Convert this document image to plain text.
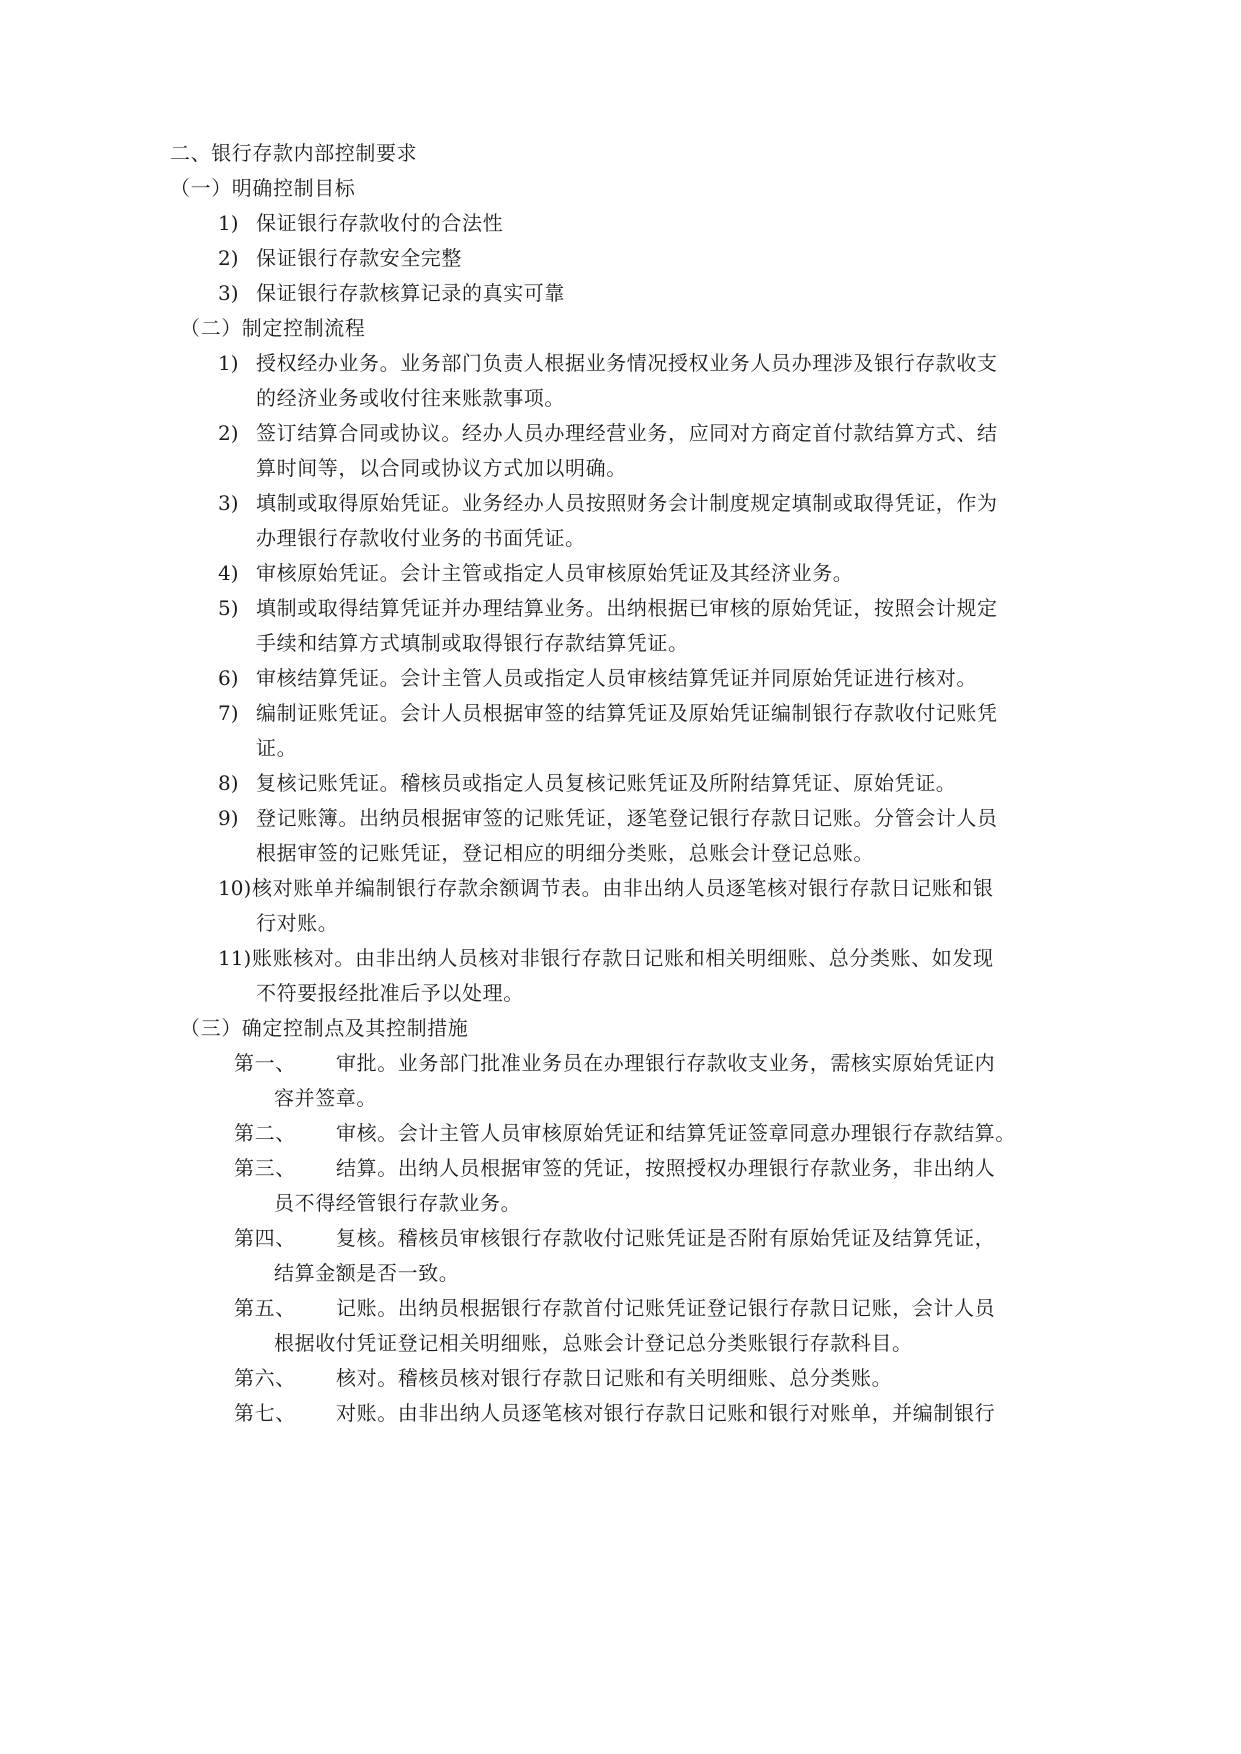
二、银行存款内部控制要求
（一）明确控制目标
1) 保证银行存款收付的合法性
2) 保证银行存款安全完整
3) 保证银行存款核算记录的真实可靠
（二）制定控制流程
1) 授权经办业务。业务部门负责人根据业务情况授权业务人员办理涉及银行存款收支
的经济业务或收付往来账款事项。
2) 签订结算合同或协议。经办人员办理经营业务，应同对方商定首付款结算方式、结
算时间等，以合同或协议方式加以明确。
3) 填制或取得原始凭证。业务经办人员按照财务会计制度规定填制或取得凭证，作为
办理银行存款收付业务的书面凭证。
4) 审核原始凭证。会计主管或指定人员审核原始凭证及其经济业务。
5) 填制或取得结算凭证并办理结算业务。出纳根据已审核的原始凭证，按照会计规定
手续和结算方式填制或取得银行存款结算凭证。
6) 审核结算凭证。会计主管人员或指定人员审核结算凭证并同原始凭证进行核对。
7) 编制证账凭证。会计人员根据审签的结算凭证及原始凭证编制银行存款收付记账凭
证。
8) 复核记账凭证。稽核员或指定人员复核记账凭证及所附结算凭证、原始凭证。
9) 登记账簿。出纳员根据审签的记账凭证，逐笔登记银行存款日记账。分管会计人员
根据审签的记账凭证，登记相应的明细分类账，总账会计登记总账。
10)核对账单并编制银行存款余额调节表。由非出纳人员逐笔核对银行存款日记账和银
行对账。
11)账账核对。由非出纳人员核对非银行存款日记账和相关明细账、总分类账、如发现
不符要报经批准后予以处理。
（三）确定控制点及其控制措施
第一、 审批。业务部门批准业务员在办理银行存款收支业务，需核实原始凭证内
容并签章。
第二、 审核。会计主管人员审核原始凭证和结算凭证签章同意办理银行存款结算。
第三、 结算。出纳人员根据审签的凭证，按照授权办理银行存款业务，非出纳人
员不得经管银行存款业务。
第四、 复核。稽核员审核银行存款收付记账凭证是否附有原始凭证及结算凭证，
结算金额是否一致。
第五、 记账。出纳员根据银行存款首付记账凭证登记银行存款日记账，会计人员
根据收付凭证登记相关明细账，总账会计登记总分类账银行存款科目。
第六、 核对。稽核员核对银行存款日记账和有关明细账、总分类账。
第七、 对账。由非出纳人员逐笔核对银行存款日记账和银行对账单，并编制银行
